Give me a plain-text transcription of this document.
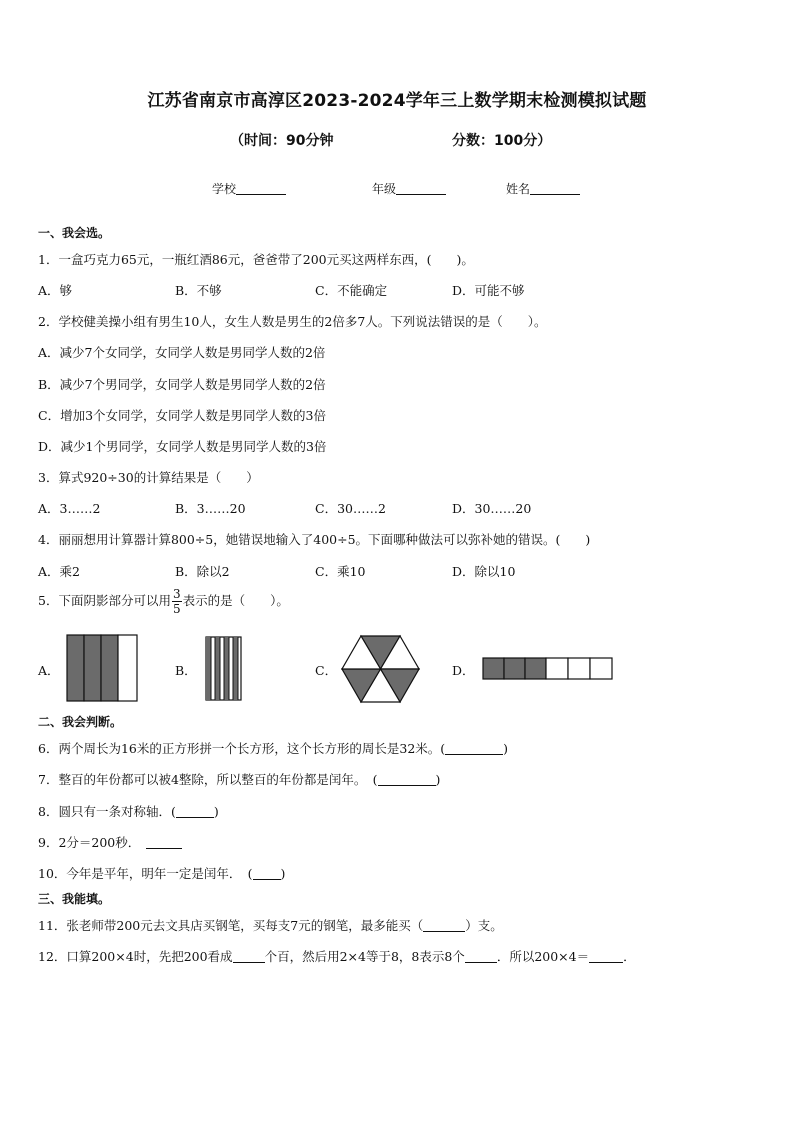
江苏省南京市高淳区2023-2024学年三上数学期末检测模拟试题
（时间：90分钟	分数：100分）
学校	年级	姓名
一、我会选。
1．一盒巧克力65元，一瓶红酒86元，爸爸带了200元买这两样东西，(　　)。
A．够	B．不够	C．不能确定	D．可能不够
2．学校健美操小组有男生10人，女生人数是男生的2倍多7人。下列说法错误的是（　　）。
A．减少7个女同学，女同学人数是男同学人数的2倍
B．减少7个男同学，女同学人数是男同学人数的2倍
C．增加3个女同学，女同学人数是男同学人数的3倍
D．减少1个男同学，女同学人数是男同学人数的3倍
3．算式920÷30的计算结果是（　　）
A．3……2	B．3……20	C．30……2	D．30……20
4．丽丽想用计算器计算800÷5，她错误地输入了400÷5。下面哪种做法可以弥补她的错误。(　　)
A．乘2	B．除以2	C．乘10	D．除以10
5．下面阴影部分可以用 $\frac{3}{5}$ 表示的是（　　）。
A．	B．	C．	D．
二、我会判断。
6．两个周长为16米的正方形拼一个长方形，这个长方形的周长是32米。(	)
7．整百的年份都可以被4整除，所以整百的年份都是闰年。　(	)
8．圆只有一条对称轴．(	)
9．2分＝200秒．
10．今年是平年，明年一定是闰年．　( )
三、我能填。
11．张老师带200元去文具店买钢笔，买每支7元的钢笔，最多能买（	）支。
12．口算200×4时，先把200看成	个百，然后用2×4等于8，8表示8个	．所以200×4＝	．
